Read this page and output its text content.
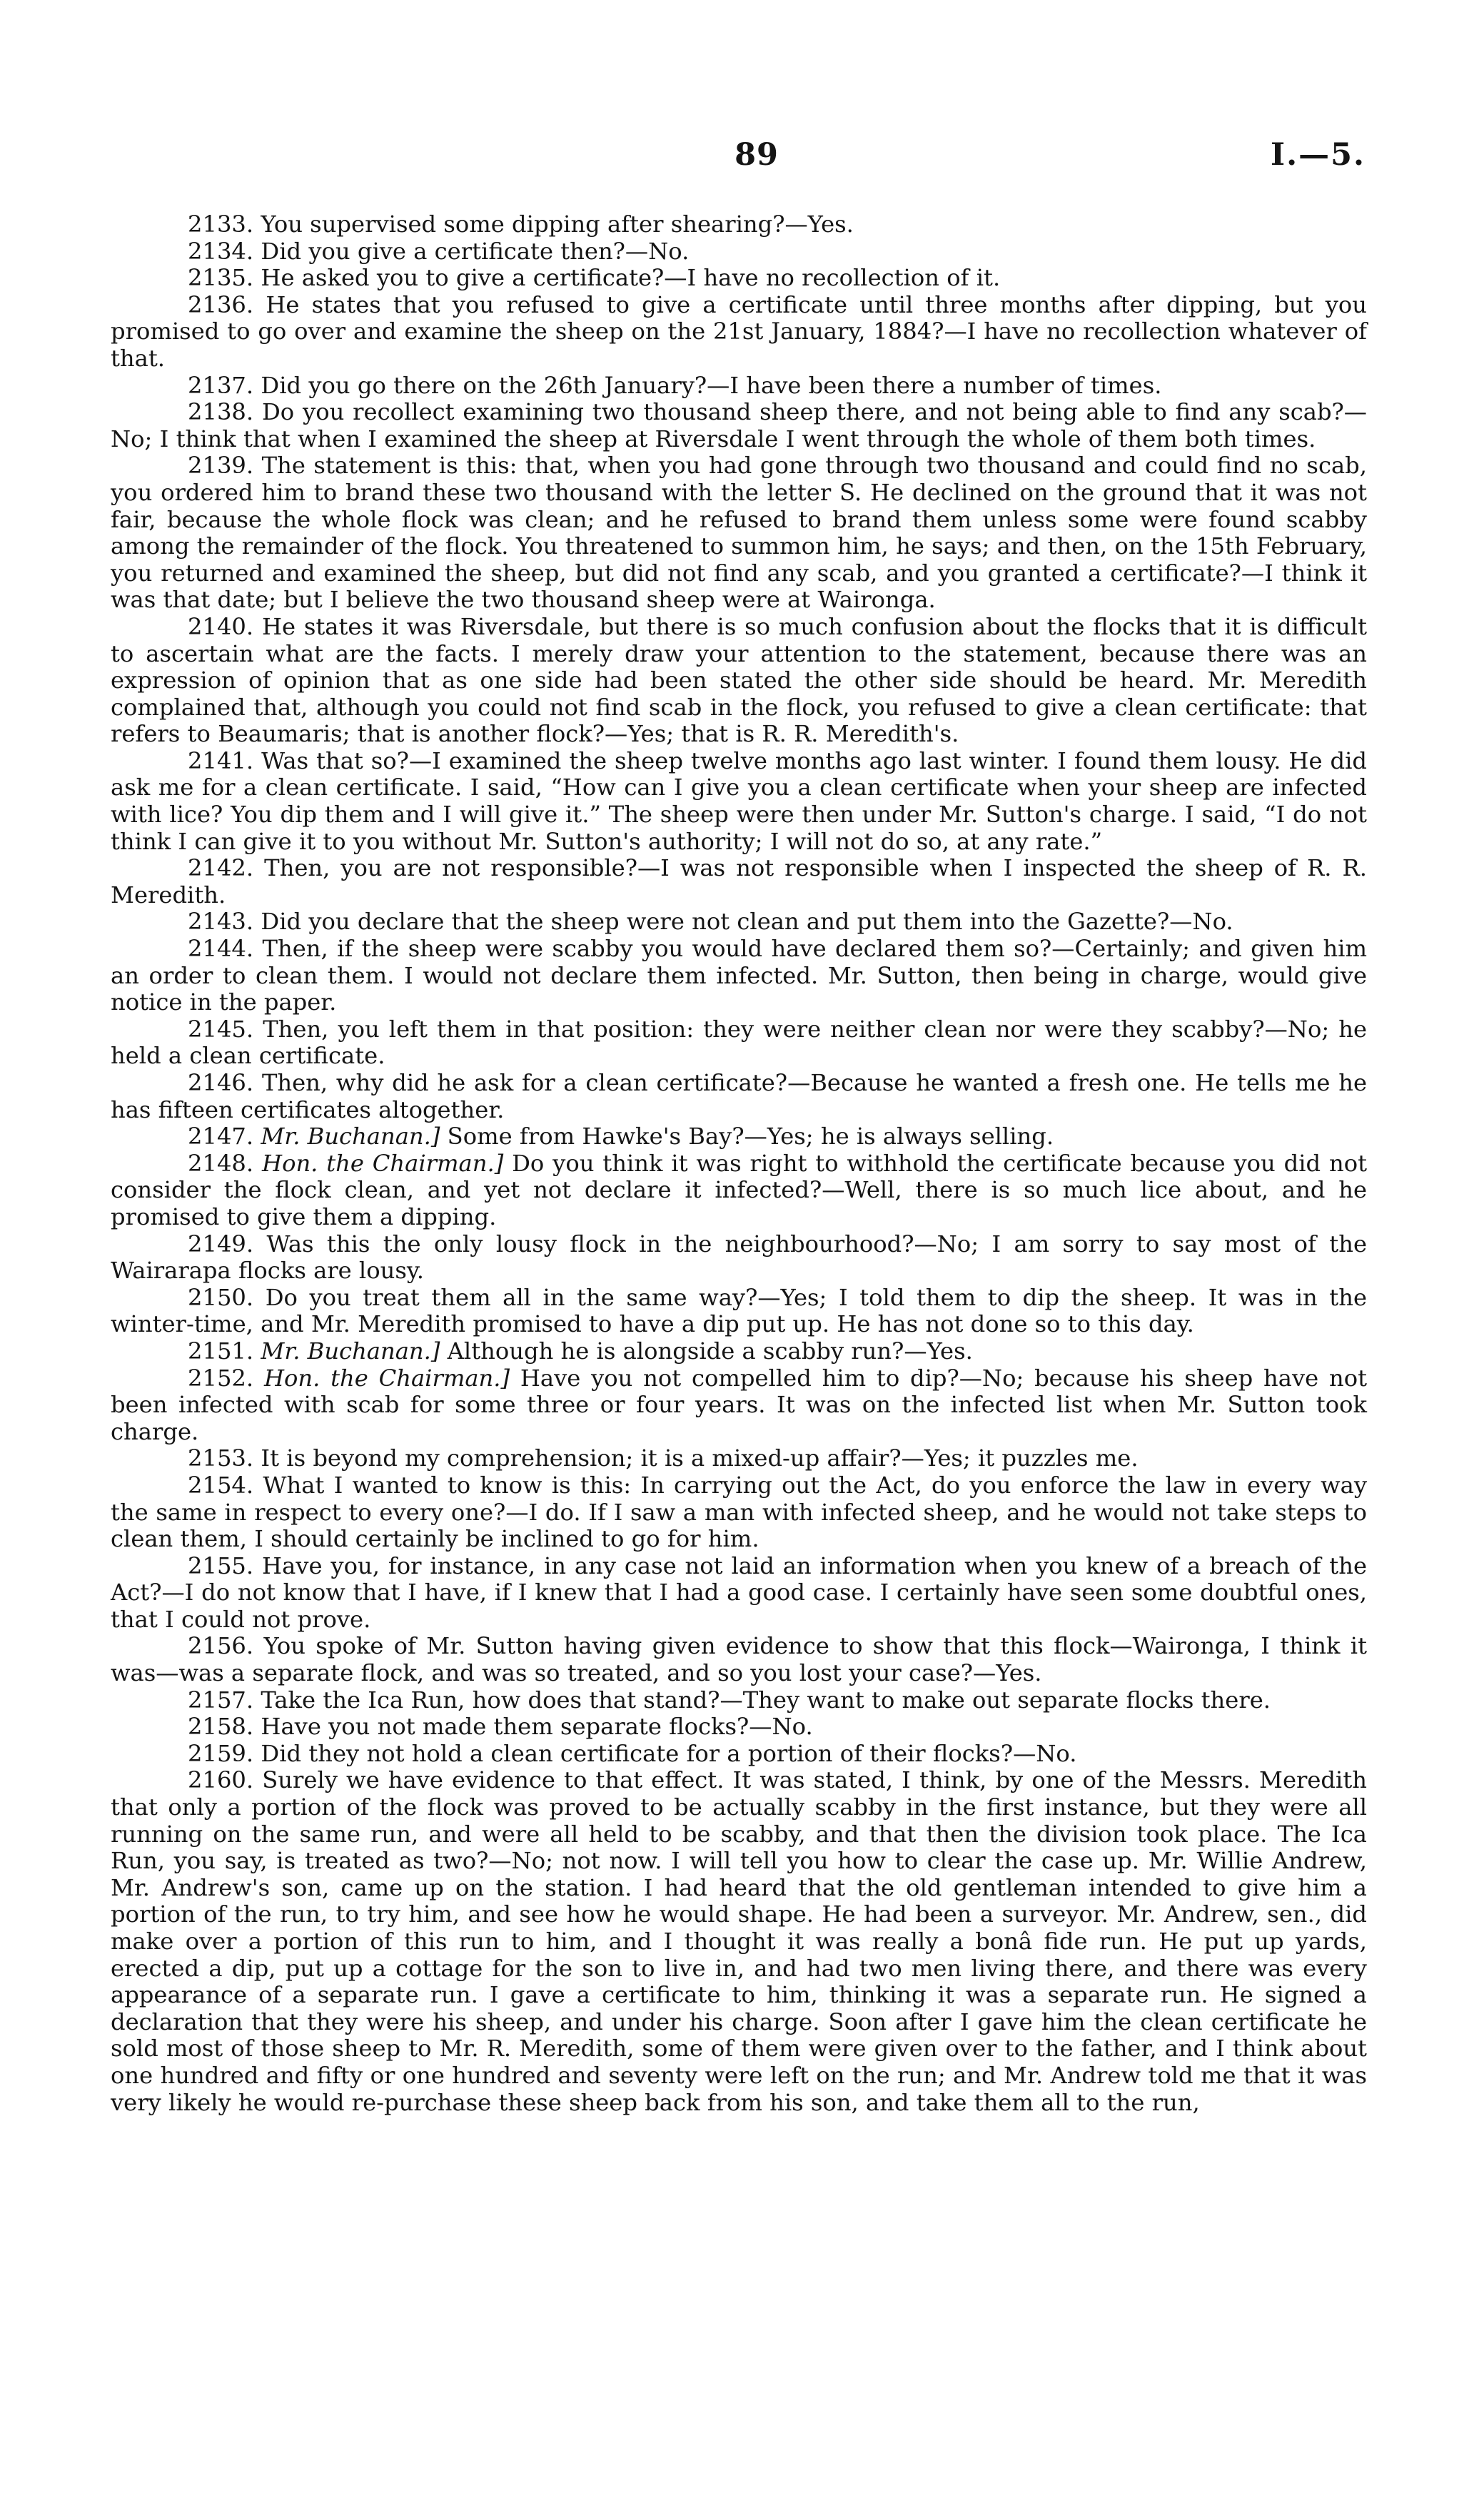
89	I.—5.

2133. You supervised some dipping after shearing?—Yes.

2134. Did you give a certificate then?—No.

2135. He asked you to give a certificate?—I have no recollection of it.

2136. He states that you refused to give a certificate until three months after dipping, but you promised to go over and examine the sheep on the 21st January, 1884?—I have no recollection whatever of that.

2137. Did you go there on the 26th January?—I have been there a number of times.

2138. Do you recollect examining two thousand sheep there, and not being able to find any scab?—No; I think that when I examined the sheep at Riversdale I went through the whole of them both times.

2139. The statement is this: that, when you had gone through two thousand and could find no scab, you ordered him to brand these two thousand with the letter S. He declined on the ground that it was not fair, because the whole flock was clean; and he refused to brand them unless some were found scabby among the remainder of the flock. You threatened to summon him, he says; and then, on the 15th February, you returned and examined the sheep, but did not find any scab, and you granted a certificate?—I think it was that date; but I believe the two thousand sheep were at Waironga.

2140. He states it was Riversdale, but there is so much confusion about the flocks that it is difficult to ascertain what are the facts. I merely draw your attention to the statement, because there was an expression of opinion that as one side had been stated the other side should be heard. Mr. Meredith complained that, although you could not find scab in the flock, you refused to give a clean certificate: that refers to Beaumaris; that is another flock?—Yes; that is R. R. Meredith's.

2141. Was that so?—I examined the sheep twelve months ago last winter. I found them lousy. He did ask me for a clean certificate. I said, “How can I give you a clean certificate when your sheep are infected with lice? You dip them and I will give it.” The sheep were then under Mr. Sutton's charge. I said, “I do not think I can give it to you without Mr. Sutton's authority; I will not do so, at any rate.”

2142. Then, you are not responsible?—I was not responsible when I inspected the sheep of R. R. Meredith.

2143. Did you declare that the sheep were not clean and put them into the Gazette?—No.

2144. Then, if the sheep were scabby you would have declared them so?—Certainly; and given him an order to clean them. I would not declare them infected. Mr. Sutton, then being in charge, would give notice in the paper.

2145. Then, you left them in that position: they were neither clean nor were they scabby?—No; he held a clean certificate.

2146. Then, why did he ask for a clean certificate?—Because he wanted a fresh one. He tells me he has fifteen certificates altogether.

2147. Mr. Buchanan.] Some from Hawke's Bay?—Yes; he is always selling.

2148. Hon. the Chairman.] Do you think it was right to withhold the certificate because you did not consider the flock clean, and yet not declare it infected?—Well, there is so much lice about, and he promised to give them a dipping.

2149. Was this the only lousy flock in the neighbourhood?—No; I am sorry to say most of the Wairarapa flocks are lousy.

2150. Do you treat them all in the same way?—Yes; I told them to dip the sheep. It was in the winter-time, and Mr. Meredith promised to have a dip put up. He has not done so to this day.

2151. Mr. Buchanan.] Although he is alongside a scabby run?—Yes.

2152. Hon. the Chairman.] Have you not compelled him to dip?—No; because his sheep have not been infected with scab for some three or four years. It was on the infected list when Mr. Sutton took charge.

2153. It is beyond my comprehension; it is a mixed-up affair?—Yes; it puzzles me.

2154. What I wanted to know is this: In carrying out the Act, do you enforce the law in every way the same in respect to every one?—I do. If I saw a man with infected sheep, and he would not take steps to clean them, I should certainly be inclined to go for him.

2155. Have you, for instance, in any case not laid an information when you knew of a breach of the Act?—I do not know that I have, if I knew that I had a good case. I certainly have seen some doubtful ones, that I could not prove.

2156. You spoke of Mr. Sutton having given evidence to show that this flock—Waironga, I think it was—was a separate flock, and was so treated, and so you lost your case?—Yes.

2157. Take the Ica Run, how does that stand?—They want to make out separate flocks there.

2158. Have you not made them separate flocks?—No.

2159. Did they not hold a clean certificate for a portion of their flocks?—No.

2160. Surely we have evidence to that effect. It was stated, I think, by one of the Messrs. Meredith that only a portion of the flock was proved to be actually scabby in the first instance, but they were all running on the same run, and were all held to be scabby, and that then the division took place. The Ica Run, you say, is treated as two?—No; not now. I will tell you how to clear the case up. Mr. Willie Andrew, Mr. Andrew's son, came up on the station. I had heard that the old gentleman intended to give him a portion of the run, to try him, and see how he would shape. He had been a surveyor. Mr. Andrew, sen., did make over a portion of this run to him, and I thought it was really a bonâ fide run. He put up yards, erected a dip, put up a cottage for the son to live in, and had two men living there, and there was every appearance of a separate run. I gave a certificate to him, thinking it was a separate run. He signed a declaration that they were his sheep, and under his charge. Soon after I gave him the clean certificate he sold most of those sheep to Mr. R. Meredith, some of them were given over to the father, and I think about one hundred and fifty or one hundred and seventy were left on the run; and Mr. Andrew told me that it was very likely he would re-purchase these sheep back from his son, and take them all to the run,
